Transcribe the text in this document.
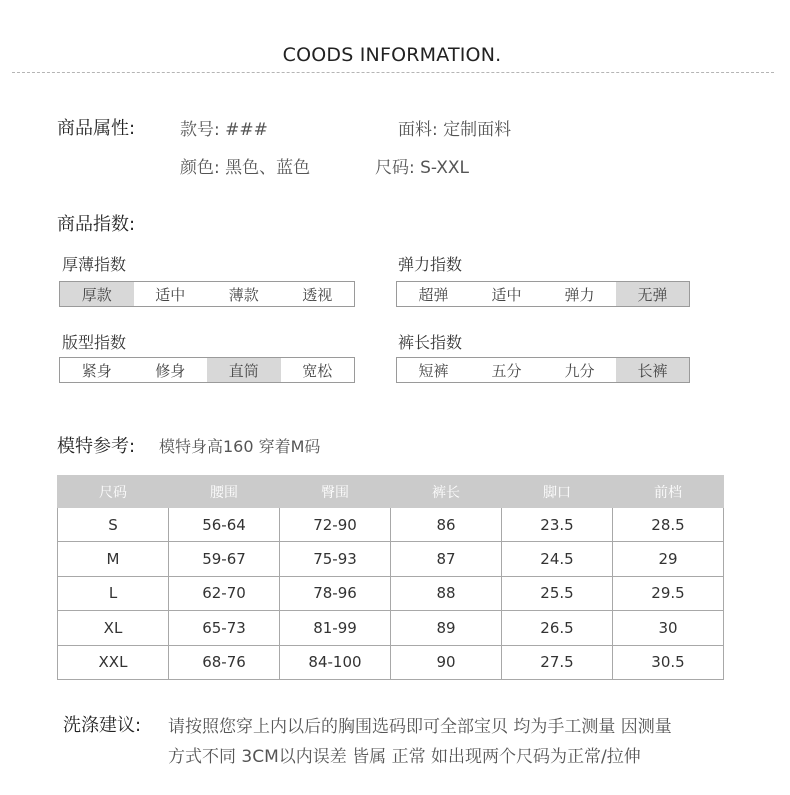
COODS INFORMATION.
商品属性:	款号: ###	面料: 定制面料
颜色: 黑色、蓝色	尺码: S-XXL
商品指数:
厚薄指数
厚款	适中	薄款	透视
弹力指数
超弹	适中	弹力	无弹
版型指数
紧身	修身	直筒	宽松
裤长指数
短裤	五分	九分	长裤
模特参考: 模特身高160 穿着M码
尺码	腰围	臀围	裤长	脚口	前档
S	56-64	72-90	86	23.5	28.5
M	59-67	75-93	87	24.5	29
L	62-70	78-96	88	25.5	29.5
XL	65-73	81-99	89	26.5	30
XXL	68-76	84-100	90	27.5	30.5
洗涤建议: 请按照您穿上内以后的胸围选码即可全部宝贝 均为手工测量 因测量
方式不同 3CM以内误差 皆属 正常 如出现两个尺码为正常/拉伸
